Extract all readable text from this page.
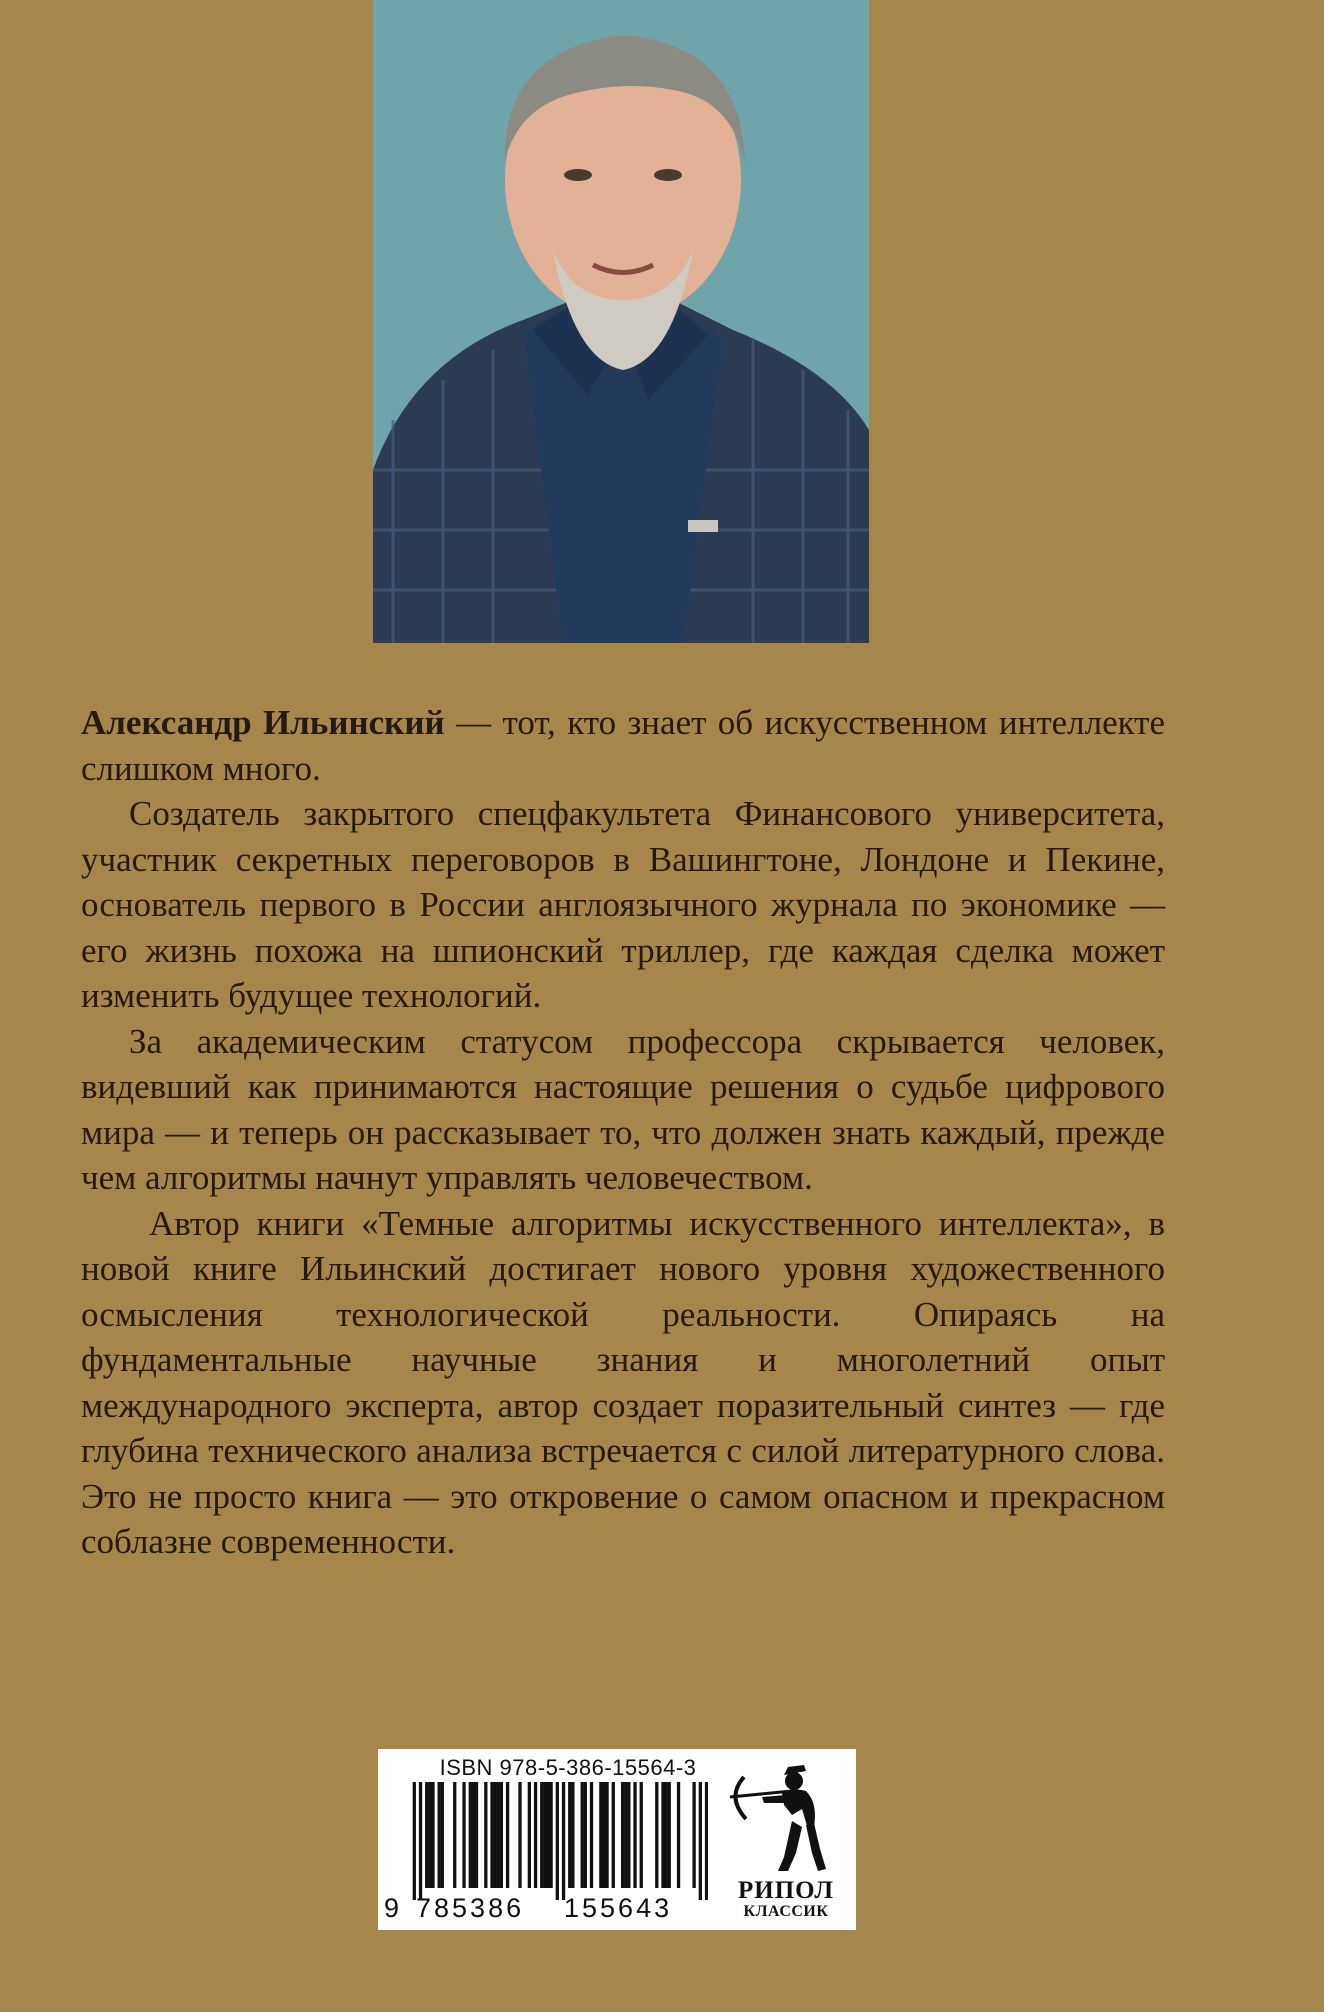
Александр Ильинский — тот, кто знает об искусственном интеллекте слишком много.

Создатель закрытого спецфакультета Финансового университета, участник секретных переговоров в Вашингтоне, Лондоне и Пекине, основатель первого в России англоязычного журнала по экономике — его жизнь похожа на шпионский триллер, где каждая сделка может изменить будущее технологий.

За академическим статусом профессора скрывается человек, видевший как принимаются настоящие решения о судьбе цифрового мира — и теперь он рассказывает то, что должен знать каждый, прежде чем алгоритмы начнут управлять человечеством.

Автор книги «Темные алгоритмы искусственного интеллекта», в новой книге Ильинский достигает нового уровня художественного осмысления технологической реальности. Опираясь на фундаментальные научные знания и многолетний опыт международного эксперта, автор создает поразительный синтез — где глубина технического анализа встречается с силой литературного слова. Это не просто книга — это откровение о самом опасном и прекрасном соблазне современности.

ISBN 978-5-386-15564-3
9 785386 155643
РИПОЛ
КЛАССИК
